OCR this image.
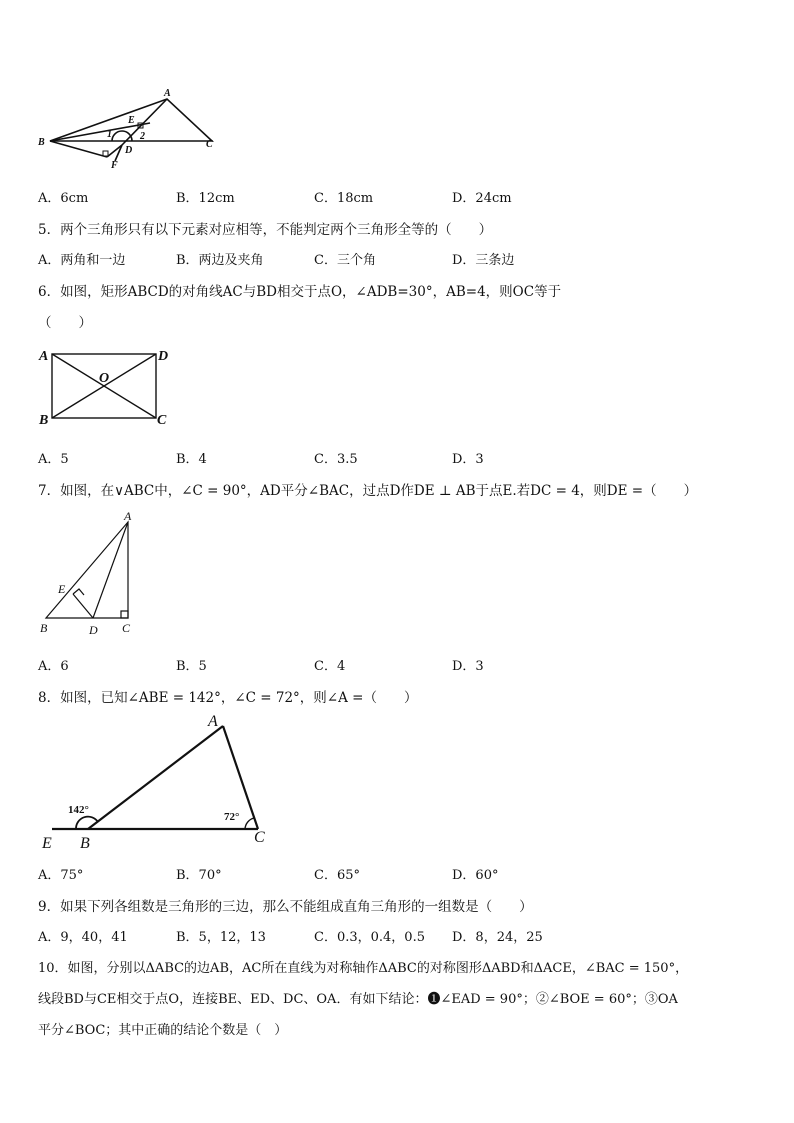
A
B	C
D
E
F
1	2
A．6cm	B．12cm	C．18cm	D．24cm
5．两个三角形只有以下元素对应相等，不能判定两个三角形全等的（　　）
A．两角和一边	B．两边及夹角	C．三个角	D．三条边
6．如图，矩形ABCD的对角线AC与BD相交于点O，∠ADB=30°，AB=4，则OC等于
（　　）
A	D
B	C
O
A．5	B．4	C．3.5	D．3
7．如图，在∨ABC中，∠C = 90°，AD平分∠BAC，过点D作DE ⊥ AB于点E.若DC = 4，则DE =（　　）
A
B	D C
E
A．6	B．5	C．4	D．3
8．如图，已知∠ABE = 142°，∠C = 72°，则∠A =（　　）
A
B	C
E
142°
72°
A．75°	B．70°	C．65°	D．60°
9．如果下列各组数是三角形的三边，那么不能组成直角三角形的一组数是（　　）
A．9，40，41	B．5，12，13	C．0.3，0.4，0.5 D．8，24，25
10．如图，分别以ΔABC的边AB，AC所在直线为对称轴作ΔABC的对称图形ΔABD和ΔACE，∠BAC = 150°，
线段BD与CE相交于点O，连接BE、ED、DC、OA．有如下结论：❶∠EAD = 90°；②∠BOE = 60°；③OA
平分∠BOC；其中正确的结论个数是（　）
